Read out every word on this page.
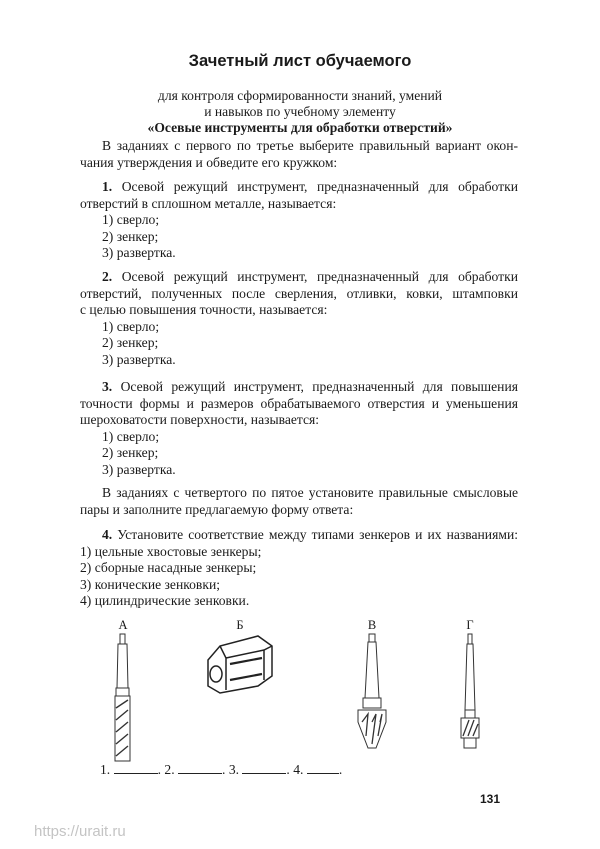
Зачетный лист обучаемого
для контроля сформированности знаний, умений
и навыков по учебному элементу
«Осевые инструменты для обработки отверстий»
В заданиях с первого по третье выберите правильный вариант окон-
чания утверждения и обведите его кружком:
1. Осевой режущий инструмент, предназначенный для обработки
отверстий в сплошном металле, называется:
1) сверло;
2) зенкер;
3) развертка.
2. Осевой режущий инструмент, предназначенный для обработки
отверстий, полученных после сверления, отливки, ковки, штамповки
с целью повышения точности, называется:
1) сверло;
2) зенкер;
3) развертка.
3. Осевой режущий инструмент, предназначенный для повышения
точности формы и размеров обрабатываемого отверстия и уменьшения
шероховатости поверхности, называется:
1) сверло;
2) зенкер;
3) развертка.
В заданиях с четвертого по пятое установите правильные смысловые
пары и заполните предлагаемую форму ответа:
4. Установите соответствие между типами зенкеров и их названиями:
1) цельные хвостовые зенкеры;
2) сборные насадные зенкеры;
3) конические зенковки;
4) цилиндрические зенковки.
А	Б	В	Г
1.	. 2.	. 3.	. 4.	.
131
https://urait.ru
